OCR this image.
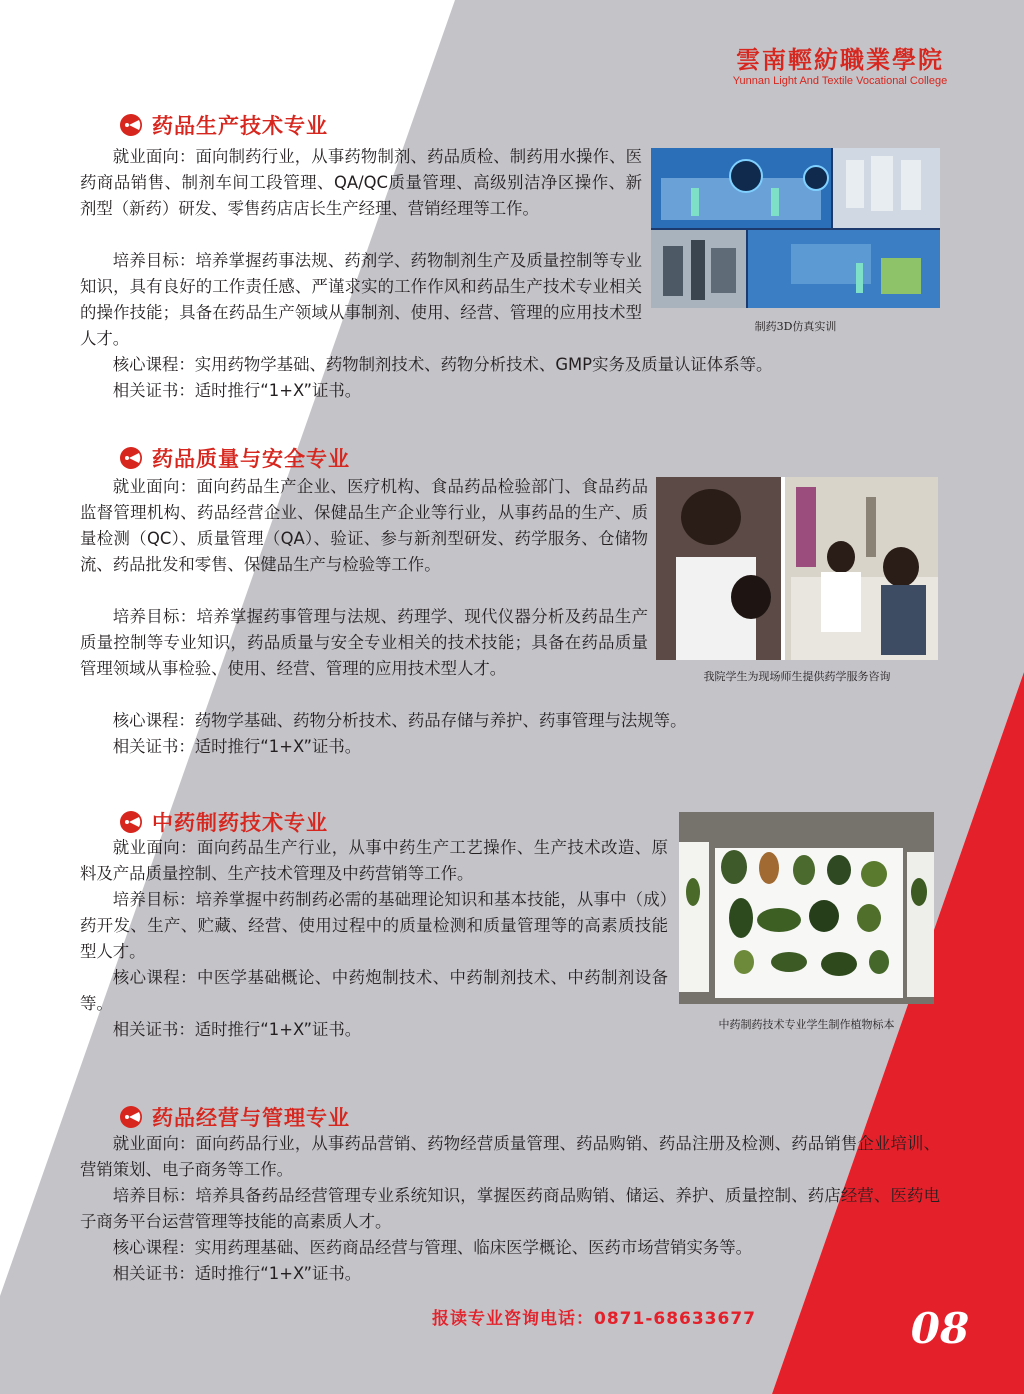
雲南輕紡職業學院
Yunnan Light And Textile Vocational College
药品生产技术专业
就业面向：面向制药行业，从事药物制剂、药品质检、制药用水操作、医药商品销售、制剂车间工段管理、QA/QC质量管理、高级别洁净区操作、新剂型（新药）研发、零售药店店长生产经理、营销经理等工作。
培养目标：培养掌握药事法规、药剂学、药物制剂生产及质量控制等专业知识，具有良好的工作责任感、严谨求实的工作作风和药品生产技术专业相关的操作技能；具备在药品生产领域从事制剂、使用、经营、管理的应用技术型人才。
核心课程：实用药物学基础、药物制剂技术、药物分析技术、GMP实务及质量认证体系等。
相关证书：适时推行“1+X”证书。
制药3D仿真实训
药品质量与安全专业
就业面向：面向药品生产企业、医疗机构、食品药品检验部门、食品药品监督管理机构、药品经营企业、保健品生产企业等行业，从事药品的生产、质量检测（QC）、质量管理（QA）、验证、参与新剂型研发、药学服务、仓储物流、药品批发和零售、保健品生产与检验等工作。
培养目标：培养掌握药事管理与法规、药理学、现代仪器分析及药品生产质量控制等专业知识，药品质量与安全专业相关的技术技能；具备在药品质量管理领域从事检验、使用、经营、管理的应用技术型人才。
核心课程：药物学基础、药物分析技术、药品存储与养护、药事管理与法规等。
相关证书：适时推行“1+X”证书。
我院学生为现场师生提供药学服务咨询
中药制药技术专业
就业面向：面向药品生产行业，从事中药生产工艺操作、生产技术改造、原料及产品质量控制、生产技术管理及中药营销等工作。
培养目标：培养掌握中药制药必需的基础理论知识和基本技能，从事中（成）药开发、生产、贮藏、经营、使用过程中的质量检测和质量管理等的高素质技能型人才。
核心课程：中医学基础概论、中药炮制技术、中药制剂技术、中药制剂设备等。
相关证书：适时推行“1+X”证书。	中药制药技术专业学生制作植物标本
药品经营与管理专业
就业面向：面向药品行业，从事药品营销、药物经营质量管理、药品购销、药品注册及检测、药品销售企业培训、营销策划、电子商务等工作。
培养目标：培养具备药品经营管理专业系统知识，掌握医药商品购销、储运、养护、质量控制、药店经营、医药电子商务平台运营管理等技能的高素质人才。
核心课程：实用药理基础、医药商品经营与管理、临床医学概论、医药市场营销实务等。
相关证书：适时推行“1+X”证书。
报读专业咨询电话：0871-68633677	08
